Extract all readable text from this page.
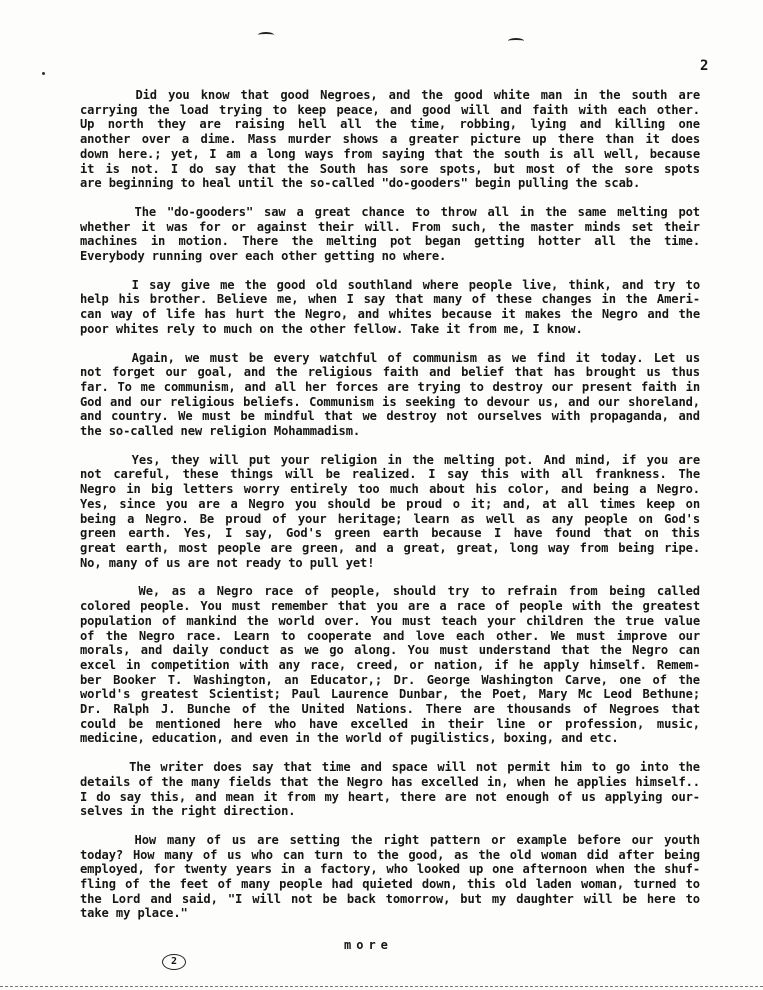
2
Did you know that good Negroes, and the good white man in the south are
carrying the load trying to keep peace, and good will and faith with each other.
Up north they are raising hell all the time, robbing, lying and killing one
another over a dime. Mass murder shows a greater picture up there than it does
down here.; yet, I am a long ways from saying that the south is all well, because
it is not. I do say that the South has sore spots, but most of the sore spots
are beginning to heal until the so-called "do-gooders" begin pulling the scab.
The "do-gooders" saw a great chance to throw all in the same melting pot
whether it was for or against their will. From such, the master minds set their
machines in motion. There the melting pot began getting hotter all the time.
Everybody running over each other getting no where.
I say give me the good old southland where people live, think, and try to
help his brother. Believe me, when I say that many of these changes in the Ameri-
can way of life has hurt the Negro, and whites because it makes the Negro and the
poor whites rely to much on the other fellow. Take it from me, I know.
Again, we must be every watchful of communism as we find it today. Let us
not forget our goal, and the religious faith and belief that has brought us thus
far. To me communism, and all her forces are trying to destroy our present faith in
God and our religious beliefs. Communism is seeking to devour us, and our shoreland,
and country. We must be mindful that we destroy not ourselves with propaganda, and
the so-called new religion Mohammadism.
Yes, they will put your religion in the melting pot. And mind, if you are
not careful, these things will be realized. I say this with all frankness. The
Negro in big letters worry entirely too much about his color, and being a Negro.
Yes, since you are a Negro you should be proud o it; and, at all times keep on
being a Negro. Be proud of your heritage; learn as well as any people on God's
green earth. Yes, I say, God's green earth because I have found that on this
great earth, most people are green, and a great, great, long way from being ripe.
No, many of us are not ready to pull yet!
We, as a Negro race of people, should try to refrain from being called
colored people. You must remember that you are a race of people with the greatest
population of mankind the world over. You must teach your children the true value
of the Negro race. Learn to cooperate and love each other. We must improve our
morals, and daily conduct as we go along. You must understand that the Negro can
excel in competition with any race, creed, or nation, if he apply himself. Remem-
ber Booker T. Washington, an Educator,; Dr. George Washington Carve, one of the
world's greatest Scientist; Paul Laurence Dunbar, the Poet, Mary Mc Leod Bethune;
Dr. Ralph J. Bunche of the United Nations. There are thousands of Negroes that
could be mentioned here who have excelled in their line or profession, music,
medicine, education, and even in the world of pugilistics, boxing, and etc.
The writer does say that time and space will not permit him to go into the
details of the many fields that the Negro has excelled in, when he applies himself..
I do say this, and mean it from my heart, there are not enough of us applying our-
selves in the right direction.
How many of us are setting the right pattern or example before our youth
today? How many of us who can turn to the good, as the old woman did after being
employed, for twenty years in a factory, who looked up one afternoon when the shuf-
fling of the feet of many people had quieted down, this old laden woman, turned to
the Lord and said, "I will not be back tomorrow, but my daughter will be here to
take my place."
more
2
